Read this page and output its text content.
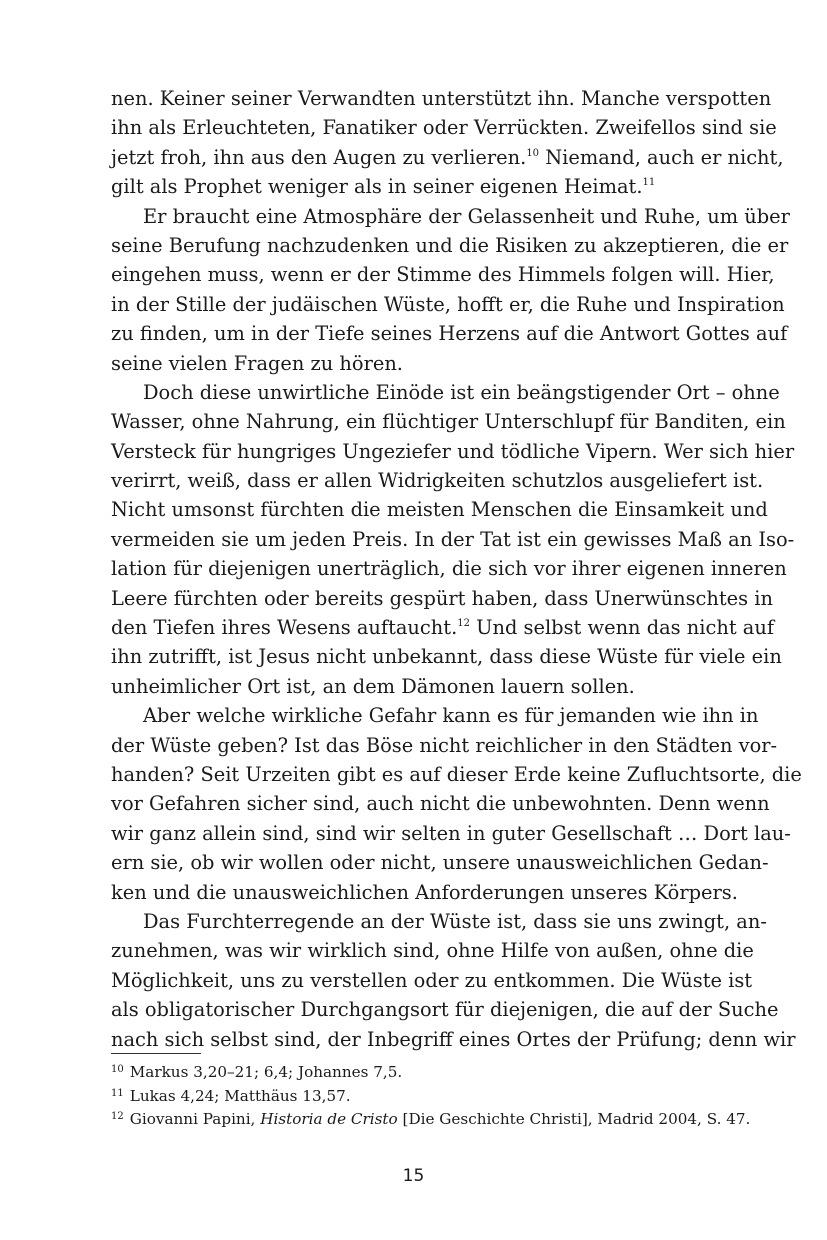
nen. Keiner seiner Verwandten unterstützt ihn. Manche verspotten
ihn als Erleuchteten, Fanatiker oder Verrückten. Zweifellos sind sie
jetzt froh, ihn aus den Augen zu verlieren.$^{10}$ Niemand, auch er nicht,
gilt als Prophet weniger als in seiner eigenen Heimat.$^{11}$
Er braucht eine Atmosphäre der Gelassenheit und Ruhe, um über
seine Berufung nachzudenken und die Risiken zu akzeptieren, die er
eingehen muss, wenn er der Stimme des Himmels folgen will. Hier,
in der Stille der judäischen Wüste, hofft er, die Ruhe und Inspiration
zu finden, um in der Tiefe seines Herzens auf die Antwort Gottes auf
seine vielen Fragen zu hören.
Doch diese unwirtliche Einöde ist ein beängstigender Ort – ohne
Wasser, ohne Nahrung, ein flüchtiger Unterschlupf für Banditen, ein
Versteck für hungriges Ungeziefer und tödliche Vipern. Wer sich hier
verirrt, weiß, dass er allen Widrigkeiten schutzlos ausgeliefert ist.
Nicht umsonst fürchten die meisten Menschen die Einsamkeit und
vermeiden sie um jeden Preis. In der Tat ist ein gewisses Maß an Iso-
lation für diejenigen unerträglich, die sich vor ihrer eigenen inneren
Leere fürchten oder bereits gespürt haben, dass Unerwünschtes in
den Tiefen ihres Wesens auftaucht.$^{12}$ Und selbst wenn das nicht auf
ihn zutrifft, ist Jesus nicht unbekannt, dass diese Wüste für viele ein
unheimlicher Ort ist, an dem Dämonen lauern sollen.
Aber welche wirkliche Gefahr kann es für jemanden wie ihn in
der Wüste geben? Ist das Böse nicht reichlicher in den Städten vor-
handen? Seit Urzeiten gibt es auf dieser Erde keine Zufluchtsorte, die
vor Gefahren sicher sind, auch nicht die unbewohnten. Denn wenn
wir ganz allein sind, sind wir selten in guter Gesellschaft … Dort lau-
ern sie, ob wir wollen oder nicht, unsere unausweichlichen Gedan-
ken und die unausweichlichen Anforderungen unseres Körpers.
Das Furchterregende an der Wüste ist, dass sie uns zwingt, an-
zunehmen, was wir wirklich sind, ohne Hilfe von außen, ohne die
Möglichkeit, uns zu verstellen oder zu entkommen. Die Wüste ist
als obligatorischer Durchgangsort für diejenigen, die auf der Suche
nach sich selbst sind, der Inbegriff eines Ortes der Prüfung; denn wir
$^{10}$ Markus 3,20–21; 6,4; Johannes 7,5.
$^{11}$ Lukas 4,24; Matthäus 13,57.
$^{12}$ Giovanni Papini, Historia de Cristo [Die Geschichte Christi], Madrid 2004, S. 47.
15
